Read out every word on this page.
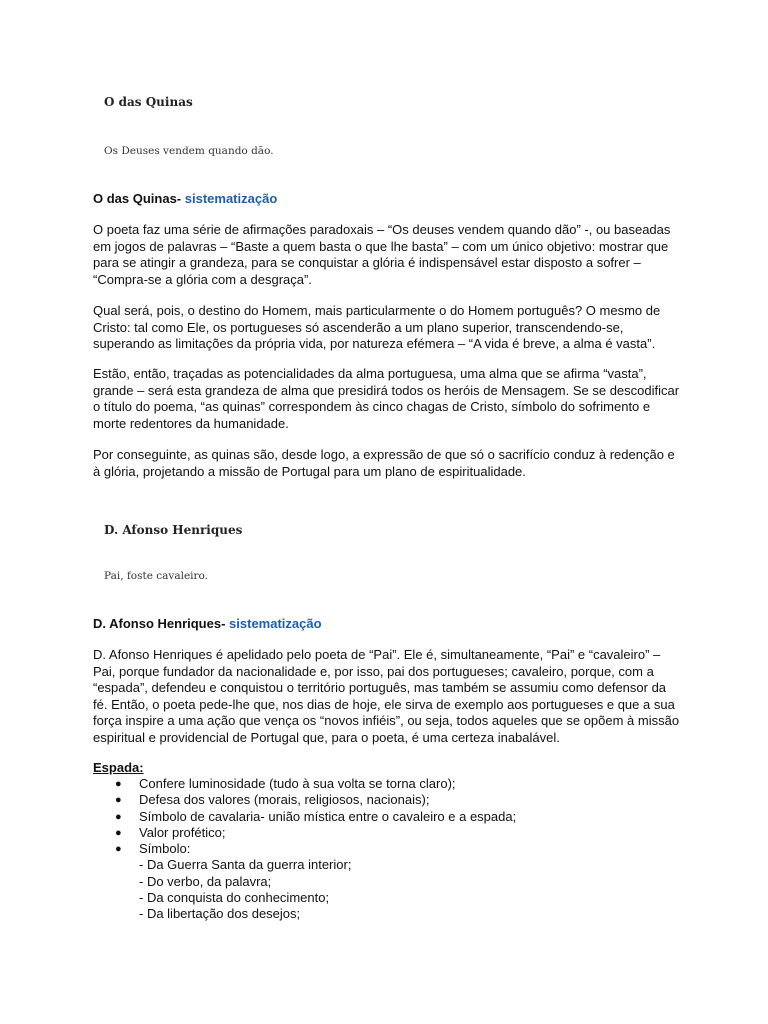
O das Quinas
Os Deuses vendem quando dão.
O das Quinas- sistematização

O poeta faz uma série de afirmações paradoxais – “Os deuses vendem quando dão” -, ou baseadas
em jogos de palavras – “Baste a quem basta o que lhe basta” – com um único objetivo: mostrar que
para se atingir a grandeza, para se conquistar a glória é indispensável estar disposto a sofrer –
“Compra-se a glória com a desgraça”.

Qual será, pois, o destino do Homem, mais particularmente o do Homem português? O mesmo de
Cristo: tal como Ele, os portugueses só ascenderão a um plano superior, transcendendo-se,
superando as limitações da própria vida, por natureza efémera – “A vida é breve, a alma é vasta”.

Estão, então, traçadas as potencialidades da alma portuguesa, uma alma que se afirma “vasta”,
grande – será esta grandeza de alma que presidirá todos os heróis de Mensagem. Se se descodificar
o título do poema, “as quinas” correspondem às cinco chagas de Cristo, símbolo do sofrimento e
morte redentores da humanidade.

Por conseguinte, as quinas são, desde logo, a expressão de que só o sacrifício conduz à redenção e
à glória, projetando a missão de Portugal para um plano de espiritualidade.

D. Afonso Henriques
Pai, foste cavaleiro.
D. Afonso Henriques- sistematização

D. Afonso Henriques é apelidado pelo poeta de “Pai”. Ele é, simultaneamente, “Pai” e “cavaleiro” –
Pai, porque fundador da nacionalidade e, por isso, pai dos portugueses; cavaleiro, porque, com a
“espada”, defendeu e conquistou o território português, mas também se assumiu como defensor da
fé. Então, o poeta pede-lhe que, nos dias de hoje, ele sirva de exemplo aos portugueses e que a sua
força inspire a uma ação que vença os “novos infiéis”, ou seja, todos aqueles que se opõem à missão
espiritual e providencial de Portugal que, para o poeta, é uma certeza inabalável.

Espada:
● Confere luminosidade (tudo à sua volta se torna claro);
● Defesa dos valores (morais, religiosos, nacionais);
● Símbolo de cavalaria- união mística entre o cavaleiro e a espada;
● Valor profético;
● Símbolo:
- Da Guerra Santa da guerra interior;
- Do verbo, da palavra;
- Da conquista do conhecimento;
- Da libertação dos desejos;
